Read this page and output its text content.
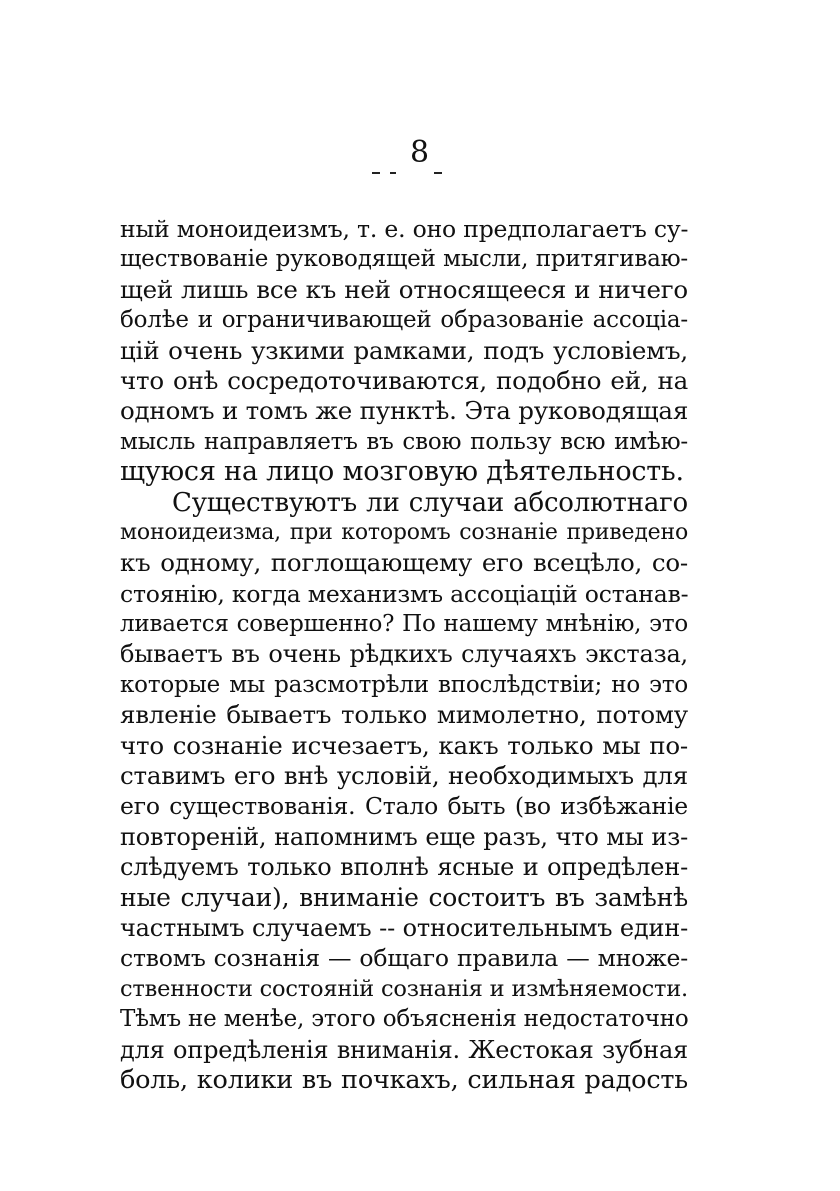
8
ный моноидеизмъ, т. е. оно предполагаетъ су-
ществованіе руководящей мысли, притягиваю-
щей лишь все къ ней относящееся и ничего
болѣе и ограничивающей образованіе ассоціа-
цій очень узкими рамками, подъ условіемъ,
что онѣ сосредоточиваются, подобно ей, на
одномъ и томъ же пунктѣ. Эта руководящая
мысль направляетъ въ свою пользу всю имѣю-
щуюся на лицо мозговую дѣятельность.
Существуютъ ли случаи абсолютнаго
моноидеизма, при которомъ сознаніе приведено
къ одному, поглощающему его всецѣло, со-
стоянію, когда механизмъ ассоціацій останав-
ливается совершенно? По нашему мнѣнію, это
бываетъ въ очень рѣдкихъ случаяхъ экстаза,
которые мы разсмотрѣли впослѣдствіи; но это
явленіе бываетъ только мимолетно, потому
что сознаніе исчезаетъ, какъ только мы по-
ставимъ его внѣ условій, необходимыхъ для
его существованія. Стало быть (во избѣжаніе
повтореній, напомнимъ еще разъ, что мы из-
слѣдуемъ только вполнѣ ясные и опредѣлен-
ные случаи), вниманіе состоитъ въ замѣнѣ
частнымъ случаемъ -- относительнымъ един-
ствомъ сознанія — общаго правила — множе-
ственности состояній сознанія и измѣняемости.
Тѣмъ не менѣе, этого объясненія недостаточно
для опредѣленія вниманія. Жестокая зубная
боль, колики въ почкахъ, сильная радость
